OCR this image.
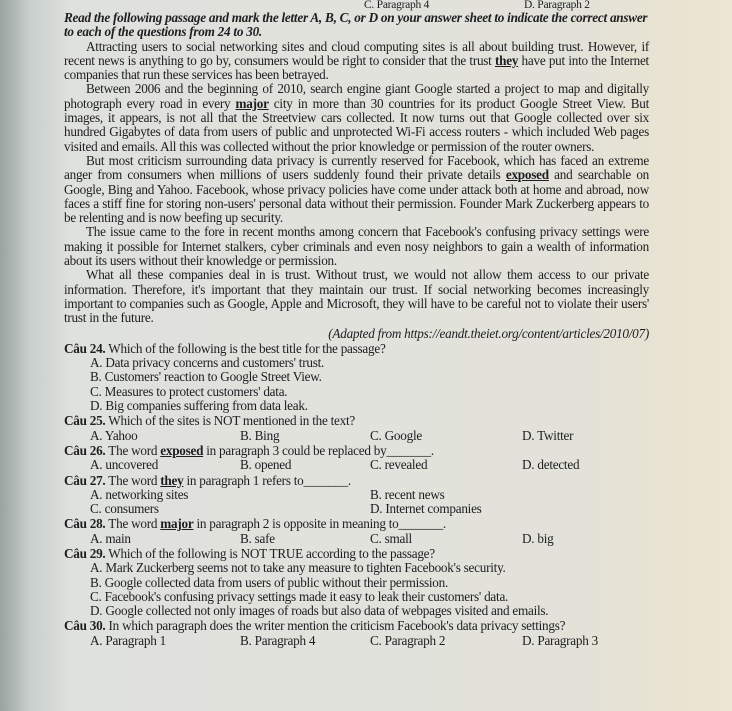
C. Paragraph 4	D. Paragraph 2
Read the following passage and mark the letter A, B, C, or D on your answer sheet to indicate the correct answer to each of the questions from 24 to 30.
Attracting users to social networking sites and cloud computing sites is all about building trust. However, if recent news is anything to go by, consumers would be right to consider that the trust they have put into the Internet companies that run these services has been betrayed.
Between 2006 and the beginning of 2010, search engine giant Google started a project to map and digitally photograph every road in every major city in more than 30 countries for its product Google Street View. But images, it appears, is not all that the Streetview cars collected. It now turns out that Google collected over six hundred Gigabytes of data from users of public and unprotected Wi-Fi access routers - which included Web pages visited and emails. All this was collected without the prior knowledge or permission of the router owners.
But most criticism surrounding data privacy is currently reserved for Facebook, which has faced an extreme anger from consumers when millions of users suddenly found their private details exposed and searchable on Google, Bing and Yahoo. Facebook, whose privacy policies have come under attack both at home and abroad, now faces a stiff fine for storing non-users' personal data without their permission. Founder Mark Zuckerberg appears to be relenting and is now beefing up security.
The issue came to the fore in recent months among concern that Facebook's confusing privacy settings were making it possible for Internet stalkers, cyber criminals and even nosy neighbors to gain a wealth of information about its users without their knowledge or permission.
What all these companies deal in is trust. Without trust, we would not allow them access to our private information. Therefore, it's important that they maintain our trust. If social networking becomes increasingly important to companies such as Google, Apple and Microsoft, they will have to be careful not to violate their users' trust in the future.
(Adapted from https://eandt.theiet.org/content/articles/2010/07)
Câu 24. Which of the following is the best title for the passage?
A. Data privacy concerns and customers' trust.
B. Customers' reaction to Google Street View.
C. Measures to protect customers' data.
D. Big companies suffering from data leak.
Câu 25. Which of the sites is NOT mentioned in the text?
A. Yahoo	B. Bing	C. Google	D. Twitter
Câu 26. The word exposed in paragraph 3 could be replaced by_______.
A. uncovered	B. opened	C. revealed	D. detected
Câu 27. The word they in paragraph 1 refers to_______.
A. networking sites	B. recent news
C. consumers	D. Internet companies
Câu 28. The word major in paragraph 2 is opposite in meaning to_______.
A. main	B. safe	C. small	D. big
Câu 29. Which of the following is NOT TRUE according to the passage?
A. Mark Zuckerberg seems not to take any measure to tighten Facebook's security.
B. Google collected data from users of public without their permission.
C. Facebook's confusing privacy settings made it easy to leak their customers' data.
D. Google collected not only images of roads but also data of webpages visited and emails.
Câu 30. In which paragraph does the writer mention the criticism Facebook's data privacy settings?
A. Paragraph 1	B. Paragraph 4	C. Paragraph 2	D. Paragraph 3
